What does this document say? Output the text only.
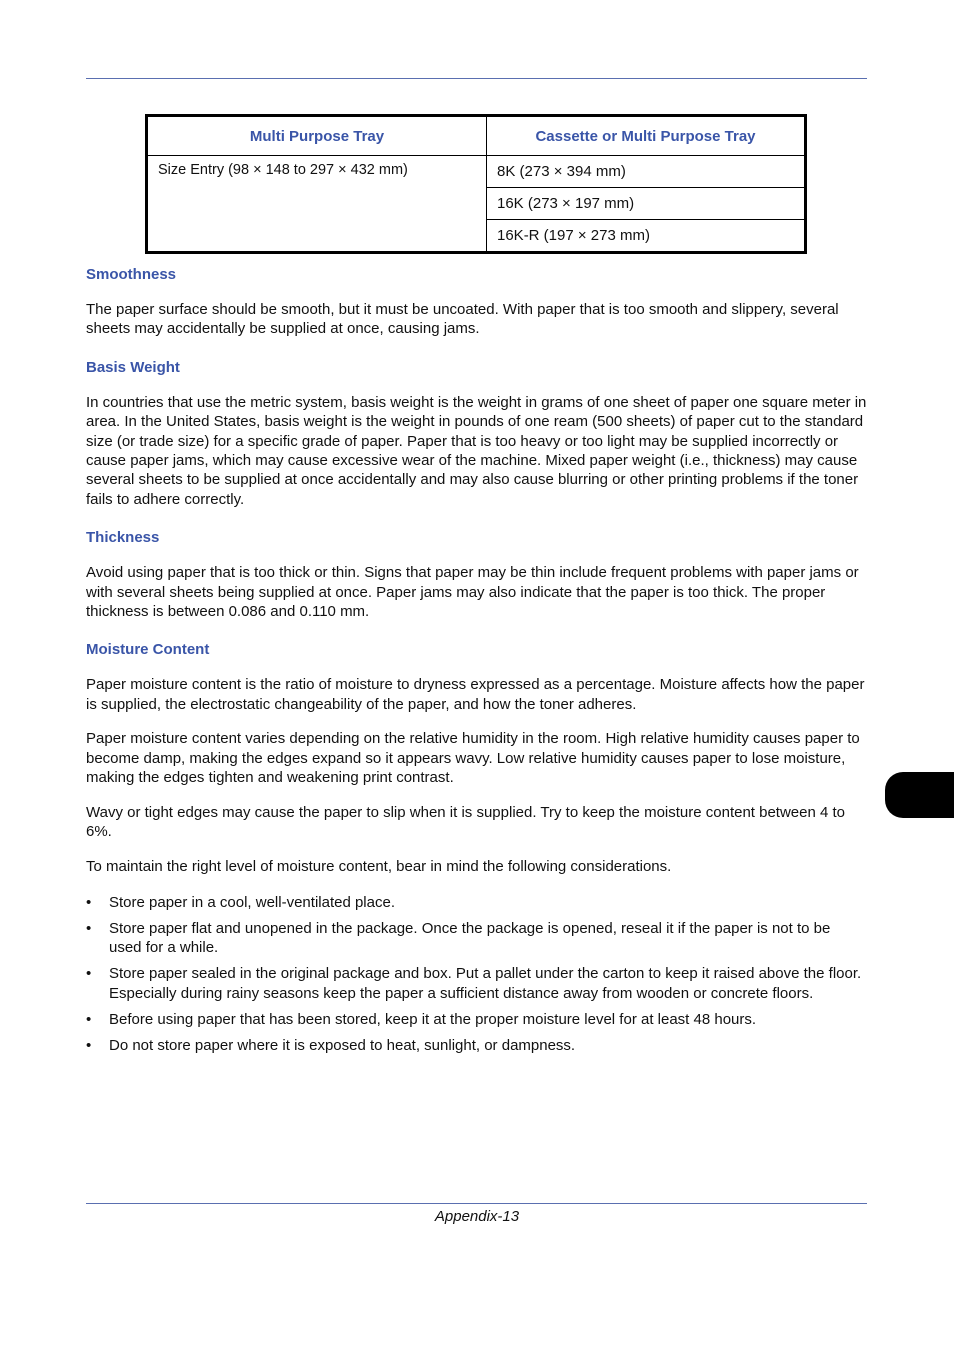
Multi Purpose Tray	Cassette or Multi Purpose Tray
Size Entry (98 × 148 to 297 × 432 mm)	8K (273 × 394 mm)
	16K (273 × 197 mm)
	16K-R (197 × 273 mm)
Smoothness

The paper surface should be smooth, but it must be uncoated. With paper that is too smooth and slippery, several sheets may accidentally be supplied at once, causing jams.

Basis Weight

In countries that use the metric system, basis weight is the weight in grams of one sheet of paper one square meter in area. In the United States, basis weight is the weight in pounds of one ream (500 sheets) of paper cut to the standard size (or trade size) for a specific grade of paper. Paper that is too heavy or too light may be supplied incorrectly or cause paper jams, which may cause excessive wear of the machine. Mixed paper weight (i.e., thickness) may cause several sheets to be supplied at once accidentally and may also cause blurring or other printing problems if the toner fails to adhere correctly.

Thickness

Avoid using paper that is too thick or thin. Signs that paper may be thin include frequent problems with paper jams or with several sheets being supplied at once. Paper jams may also indicate that the paper is too thick. The proper thickness is between 0.086 and 0.110 mm.

Moisture Content

Paper moisture content is the ratio of moisture to dryness expressed as a percentage. Moisture affects how the paper is supplied, the electrostatic changeability of the paper, and how the toner adheres.

Paper moisture content varies depending on the relative humidity in the room. High relative humidity causes paper to become damp, making the edges expand so it appears wavy. Low relative humidity causes paper to lose moisture, making the edges tighten and weakening print contrast.

Wavy or tight edges may cause the paper to slip when it is supplied. Try to keep the moisture content between 4 to 6%.

To maintain the right level of moisture content, bear in mind the following considerations.

• Store paper in a cool, well-ventilated place.
• Store paper flat and unopened in the package. Once the package is opened, reseal it if the paper is not to be used for a while.
• Store paper sealed in the original package and box. Put a pallet under the carton to keep it raised above the floor. Especially during rainy seasons keep the paper a sufficient distance away from wooden or concrete floors.
• Before using paper that has been stored, keep it at the proper moisture level for at least 48 hours.
• Do not store paper where it is exposed to heat, sunlight, or dampness.
Appendix-13
